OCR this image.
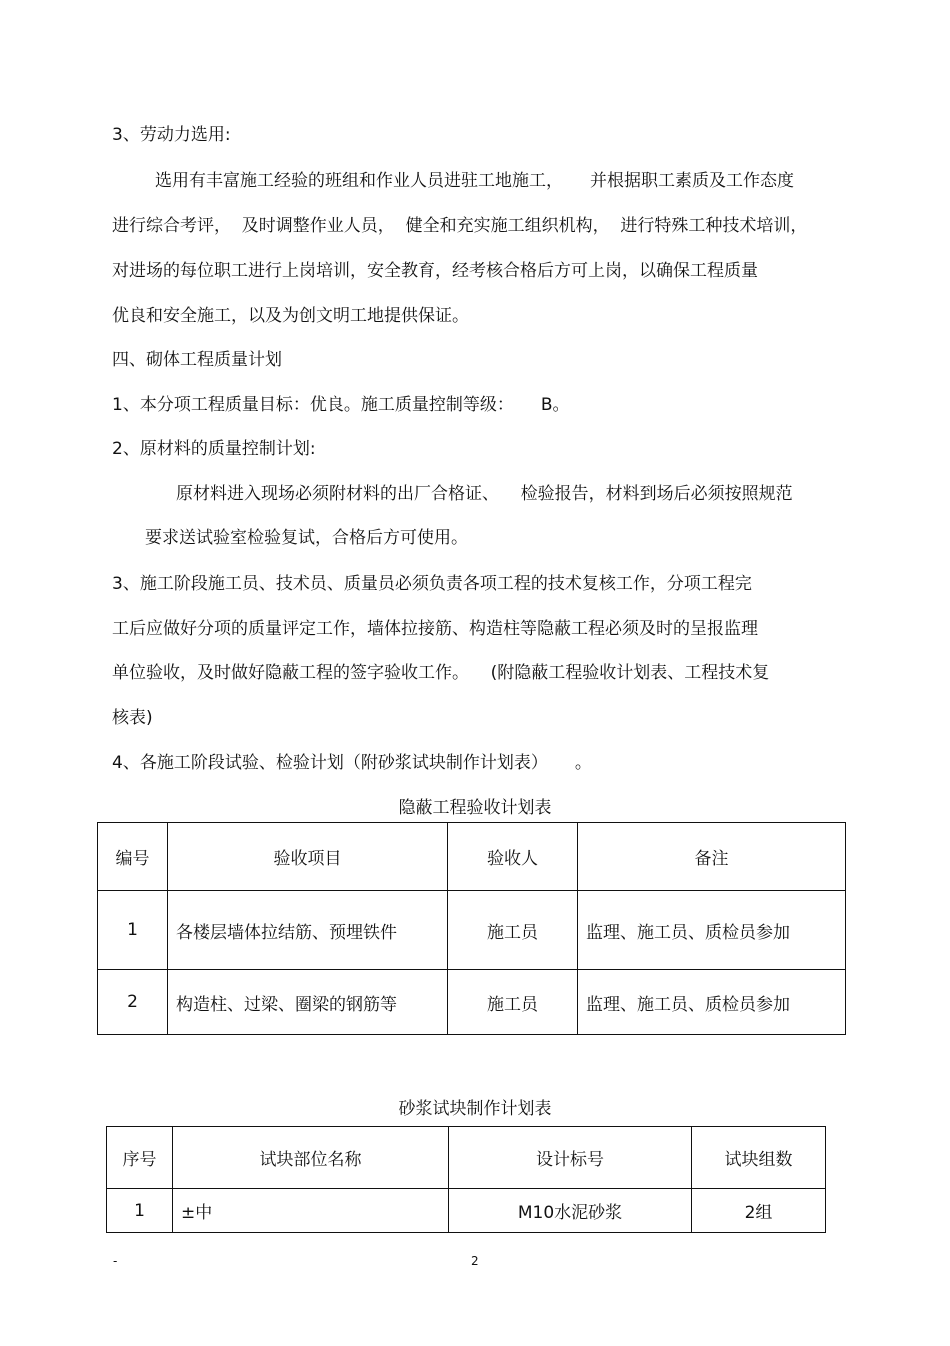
3、劳动力选用:
选用有丰富施工经验的班组和作业人员进驻工地施工，     并根据职工素质及工作态度
进行综合考评，  及时调整作业人员，  健全和充实施工组织机构，  进行特殊工种技术培训，
对进场的每位职工进行上岗培训，安全教育，经考核合格后方可上岗，以确保工程质量
优良和安全施工，以及为创文明工地提供保证。
四、砌体工程质量计划
1、本分项工程质量目标：优良。施工质量控制等级：     B。
2、原材料的质量控制计划:
原材料进入现场必须附材料的出厂合格证、    检验报告，材料到场后必须按照规范
要求送试验室检验复试，合格后方可使用。
3、施工阶段施工员、技术员、质量员必须负责各项工程的技术复核工作，分项工程完
工后应做好分项的质量评定工作，墙体拉接筋、构造柱等隐蔽工程必须及时的呈报监理
单位验收，及时做好隐蔽工程的签字验收工作。    (附隐蔽工程验收计划表、工程技术复
核表)
4、各施工阶段试验、检验计划（附砂浆试块制作计划表）     。
隐蔽工程验收计划表
编号	验收项目	验收人	备注
1	各楼层墙体拉结筋、预埋铁件	施工员	监理、施工员、质检员参加
2	构造柱、过梁、圈梁的钢筋等	施工员	监理、施工员、质检员参加
砂浆试块制作计划表
序号	试块部位名称	设计标号	试块组数
1	±中	M10水泥砂浆	2组
-	2
